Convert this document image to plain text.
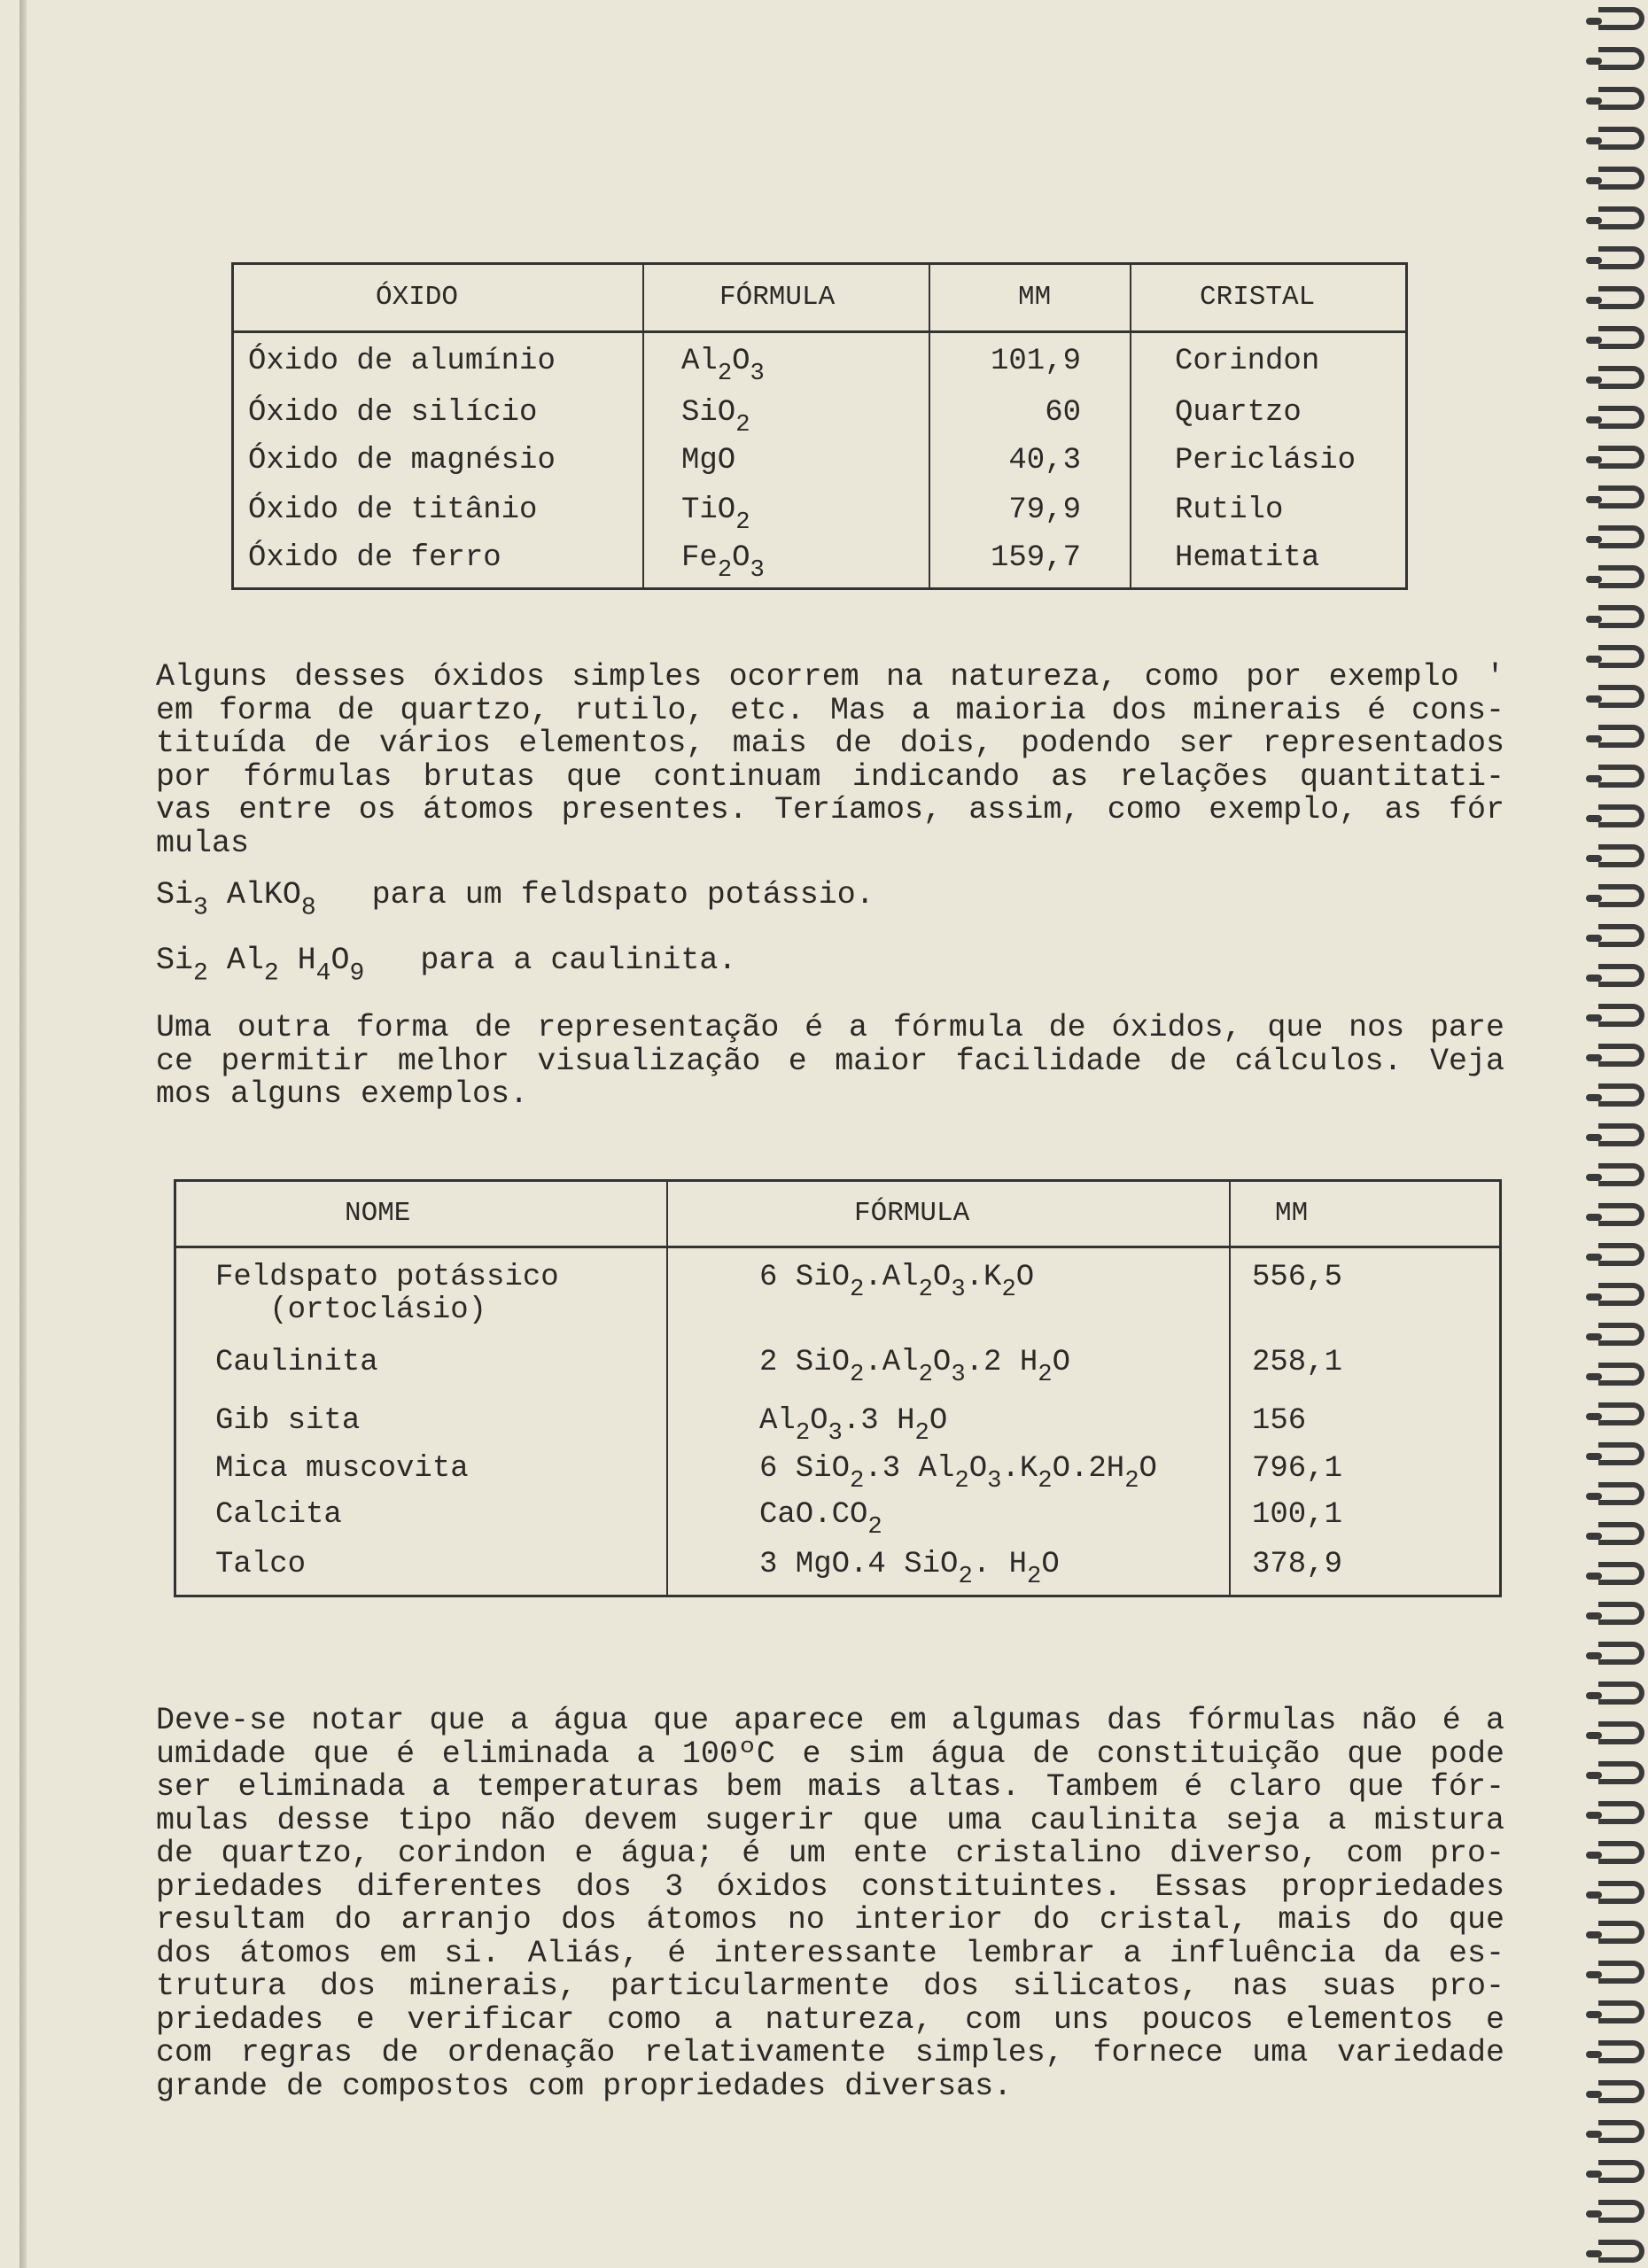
ÓXIDO	FÓRMULA	MM	CRISTAL
Óxido de alumínio	$Al_2O_3$	101,9	Corindon
Óxido de silício	SiO$_2$	60	Quartzo
Óxido de magnésio	MgO	40,3	Periclásio
Óxido de titânio	TiO$_2$	79,9	Rutilo
Óxido de ferro	$Fe_2O_3$	159,7	Hematita
Alguns desses óxidos simples ocorrem na natureza, como por exemplo '
em forma de quartzo, rutilo, etc. Mas a maioria dos minerais é cons-
tituída de vários elementos, mais de dois, podendo ser representados
por fórmulas brutas que continuam indicando as relações quantitati-
vas entre os átomos presentes. Teríamos, assim, como exemplo, as fór
mulas
$Si_3$ AlKO$_8$   para um feldspato potássio.
$Si_2$ $Al_2$ $H_4O_9$   para a caulinita.
Uma outra forma de representação é a fórmula de óxidos, que nos pare
ce permitir melhor visualização e maior facilidade de cálculos. Veja
mos alguns exemplos.
NOME	FÓRMULA	MM
Feldspato potássico
(ortoclásio)
6 $SiO_2.Al_2O_3.K_2O$	556,5
Caulinita	2 $SiO_2.Al_2O_3.2$ $H_2O$	258,1
Gib sita	$Al_2O_3.3$ $H_2O$	156
Mica muscovita	6 SiO$_2$.3 $Al_2O_3.K_2O.2H_2O$	796,1
Calcita	$CaO.CO_2$	100,1
Talco	3 MgO.4 SiO$_2$. $H_2O$	378,9
Deve-se notar que a água que aparece em algumas das fórmulas não é a
umidade que é eliminada a 100ºC e sim água de constituição que pode
ser eliminada a temperaturas bem mais altas. Tambem é claro que fór-
mulas desse tipo não devem sugerir que uma caulinita seja a mistura
de quartzo, corindon e água; é um ente cristalino diverso, com pro-
priedades diferentes dos 3 óxidos constituintes. Essas propriedades
resultam do arranjo dos átomos no interior do cristal, mais do que
dos átomos em si. Aliás, é interessante lembrar a influência da es-
trutura dos minerais, particularmente dos silicatos, nas suas pro-
priedades e verificar como a natureza, com uns poucos elementos e
com regras de ordenação relativamente simples, fornece uma variedade
grande de compostos com propriedades diversas.
